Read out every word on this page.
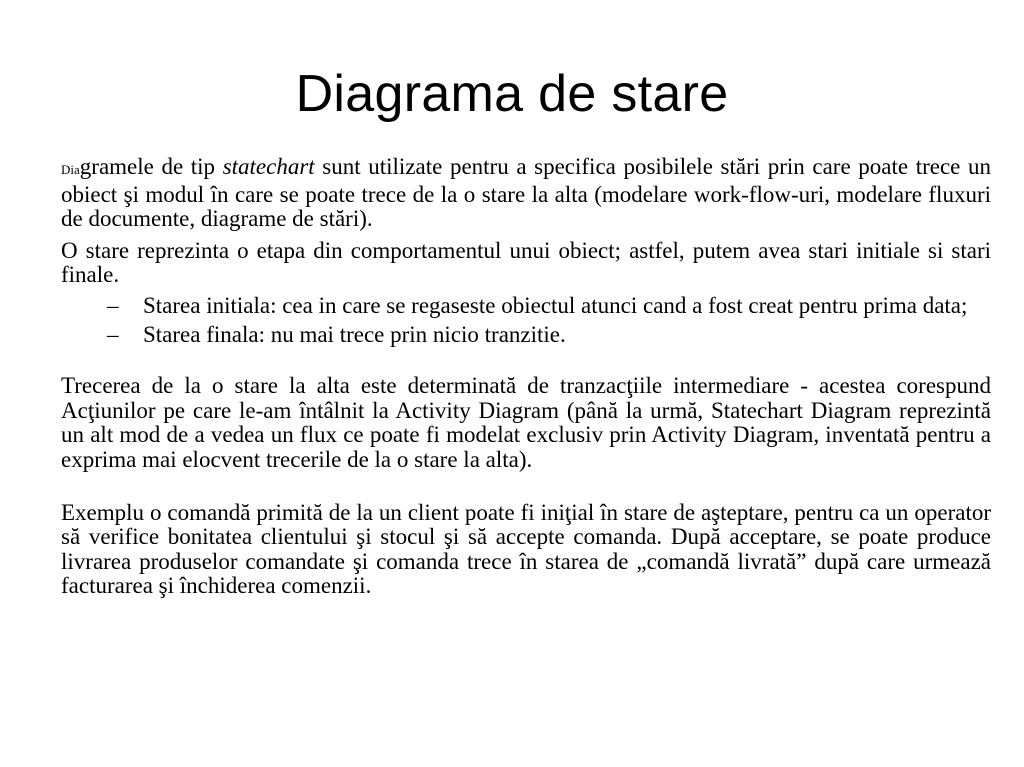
Diagrama de stare

Diagramele de tip statechart sunt utilizate pentru a specifica posibilele stări prin care poate trece un obiect şi modul în care se poate trece de la o stare la alta (modelare work-flow-uri, modelare fluxuri de documente, diagrame de stări).

O stare reprezinta o etapa din comportamentul unui obiect; astfel, putem avea stari initiale si stari finale.

– Starea initiala: cea in care se regaseste obiectul atunci cand a fost creat pentru prima data;
– Starea finala: nu mai trece prin nicio tranzitie.

Trecerea de la o stare la alta este determinată de tranzacţiile intermediare - acestea corespund Acţiunilor pe care le-am întâlnit la Activity Diagram (până la urmă, Statechart Diagram reprezintă un alt mod de a vedea un flux ce poate fi modelat exclusiv prin Activity Diagram, inventată pentru a exprima mai elocvent trecerile de la o stare la alta).

Exemplu o comandă primită de la un client poate fi iniţial în stare de aşteptare, pentru ca un operator să verifice bonitatea clientului şi stocul şi să accepte comanda. După acceptare, se poate produce livrarea produselor comandate şi comanda trece în starea de „comandă livrată” după care urmează facturarea şi închiderea comenzii.
